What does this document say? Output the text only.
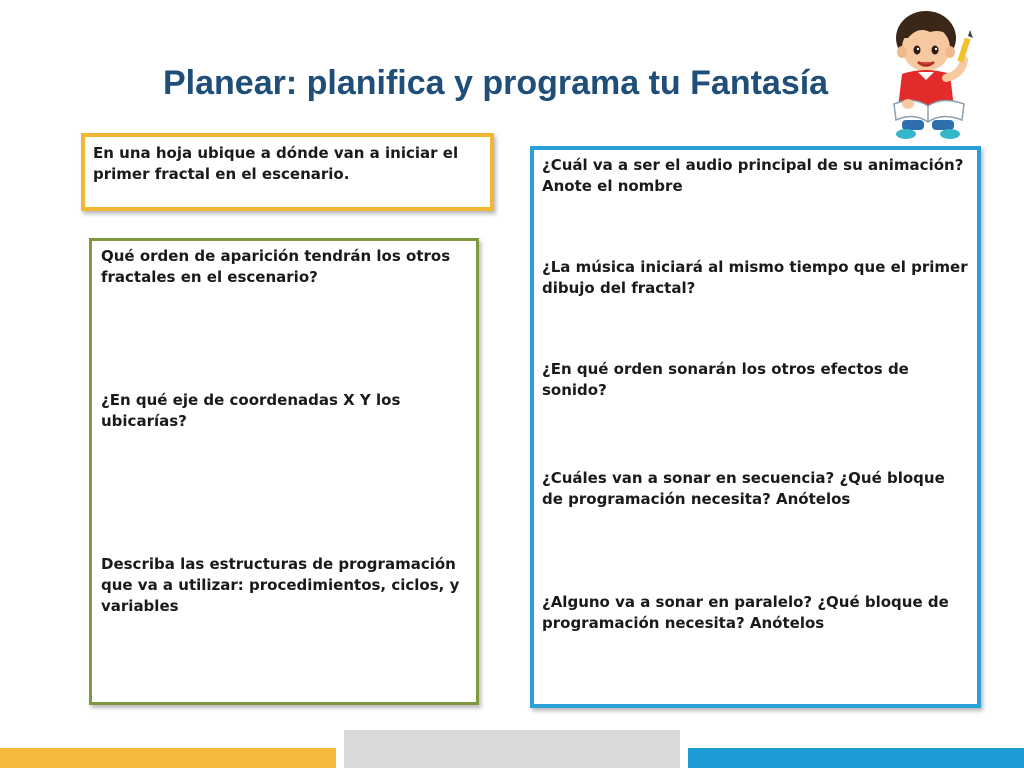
Planear: planifica y programa tu Fantasía
En una hoja ubique a dónde van a iniciar el primer fractal en el escenario.
Qué orden de aparición tendrán los otros fractales en el escenario?
¿En qué eje de coordenadas X Y los ubicarías?
Describa las estructuras de programación que va a utilizar: procedimientos, ciclos, y variables
¿Cuál va a ser el audio principal de su animación? Anote el nombre
¿La música iniciará al mismo tiempo que el primer dibujo del fractal?
¿En qué orden sonarán los otros efectos de sonido?
¿Cuáles van a sonar en secuencia? ¿Qué bloque de programación necesita? Anótelos
¿Alguno va a sonar en paralelo? ¿Qué bloque de programación necesita? Anótelos
